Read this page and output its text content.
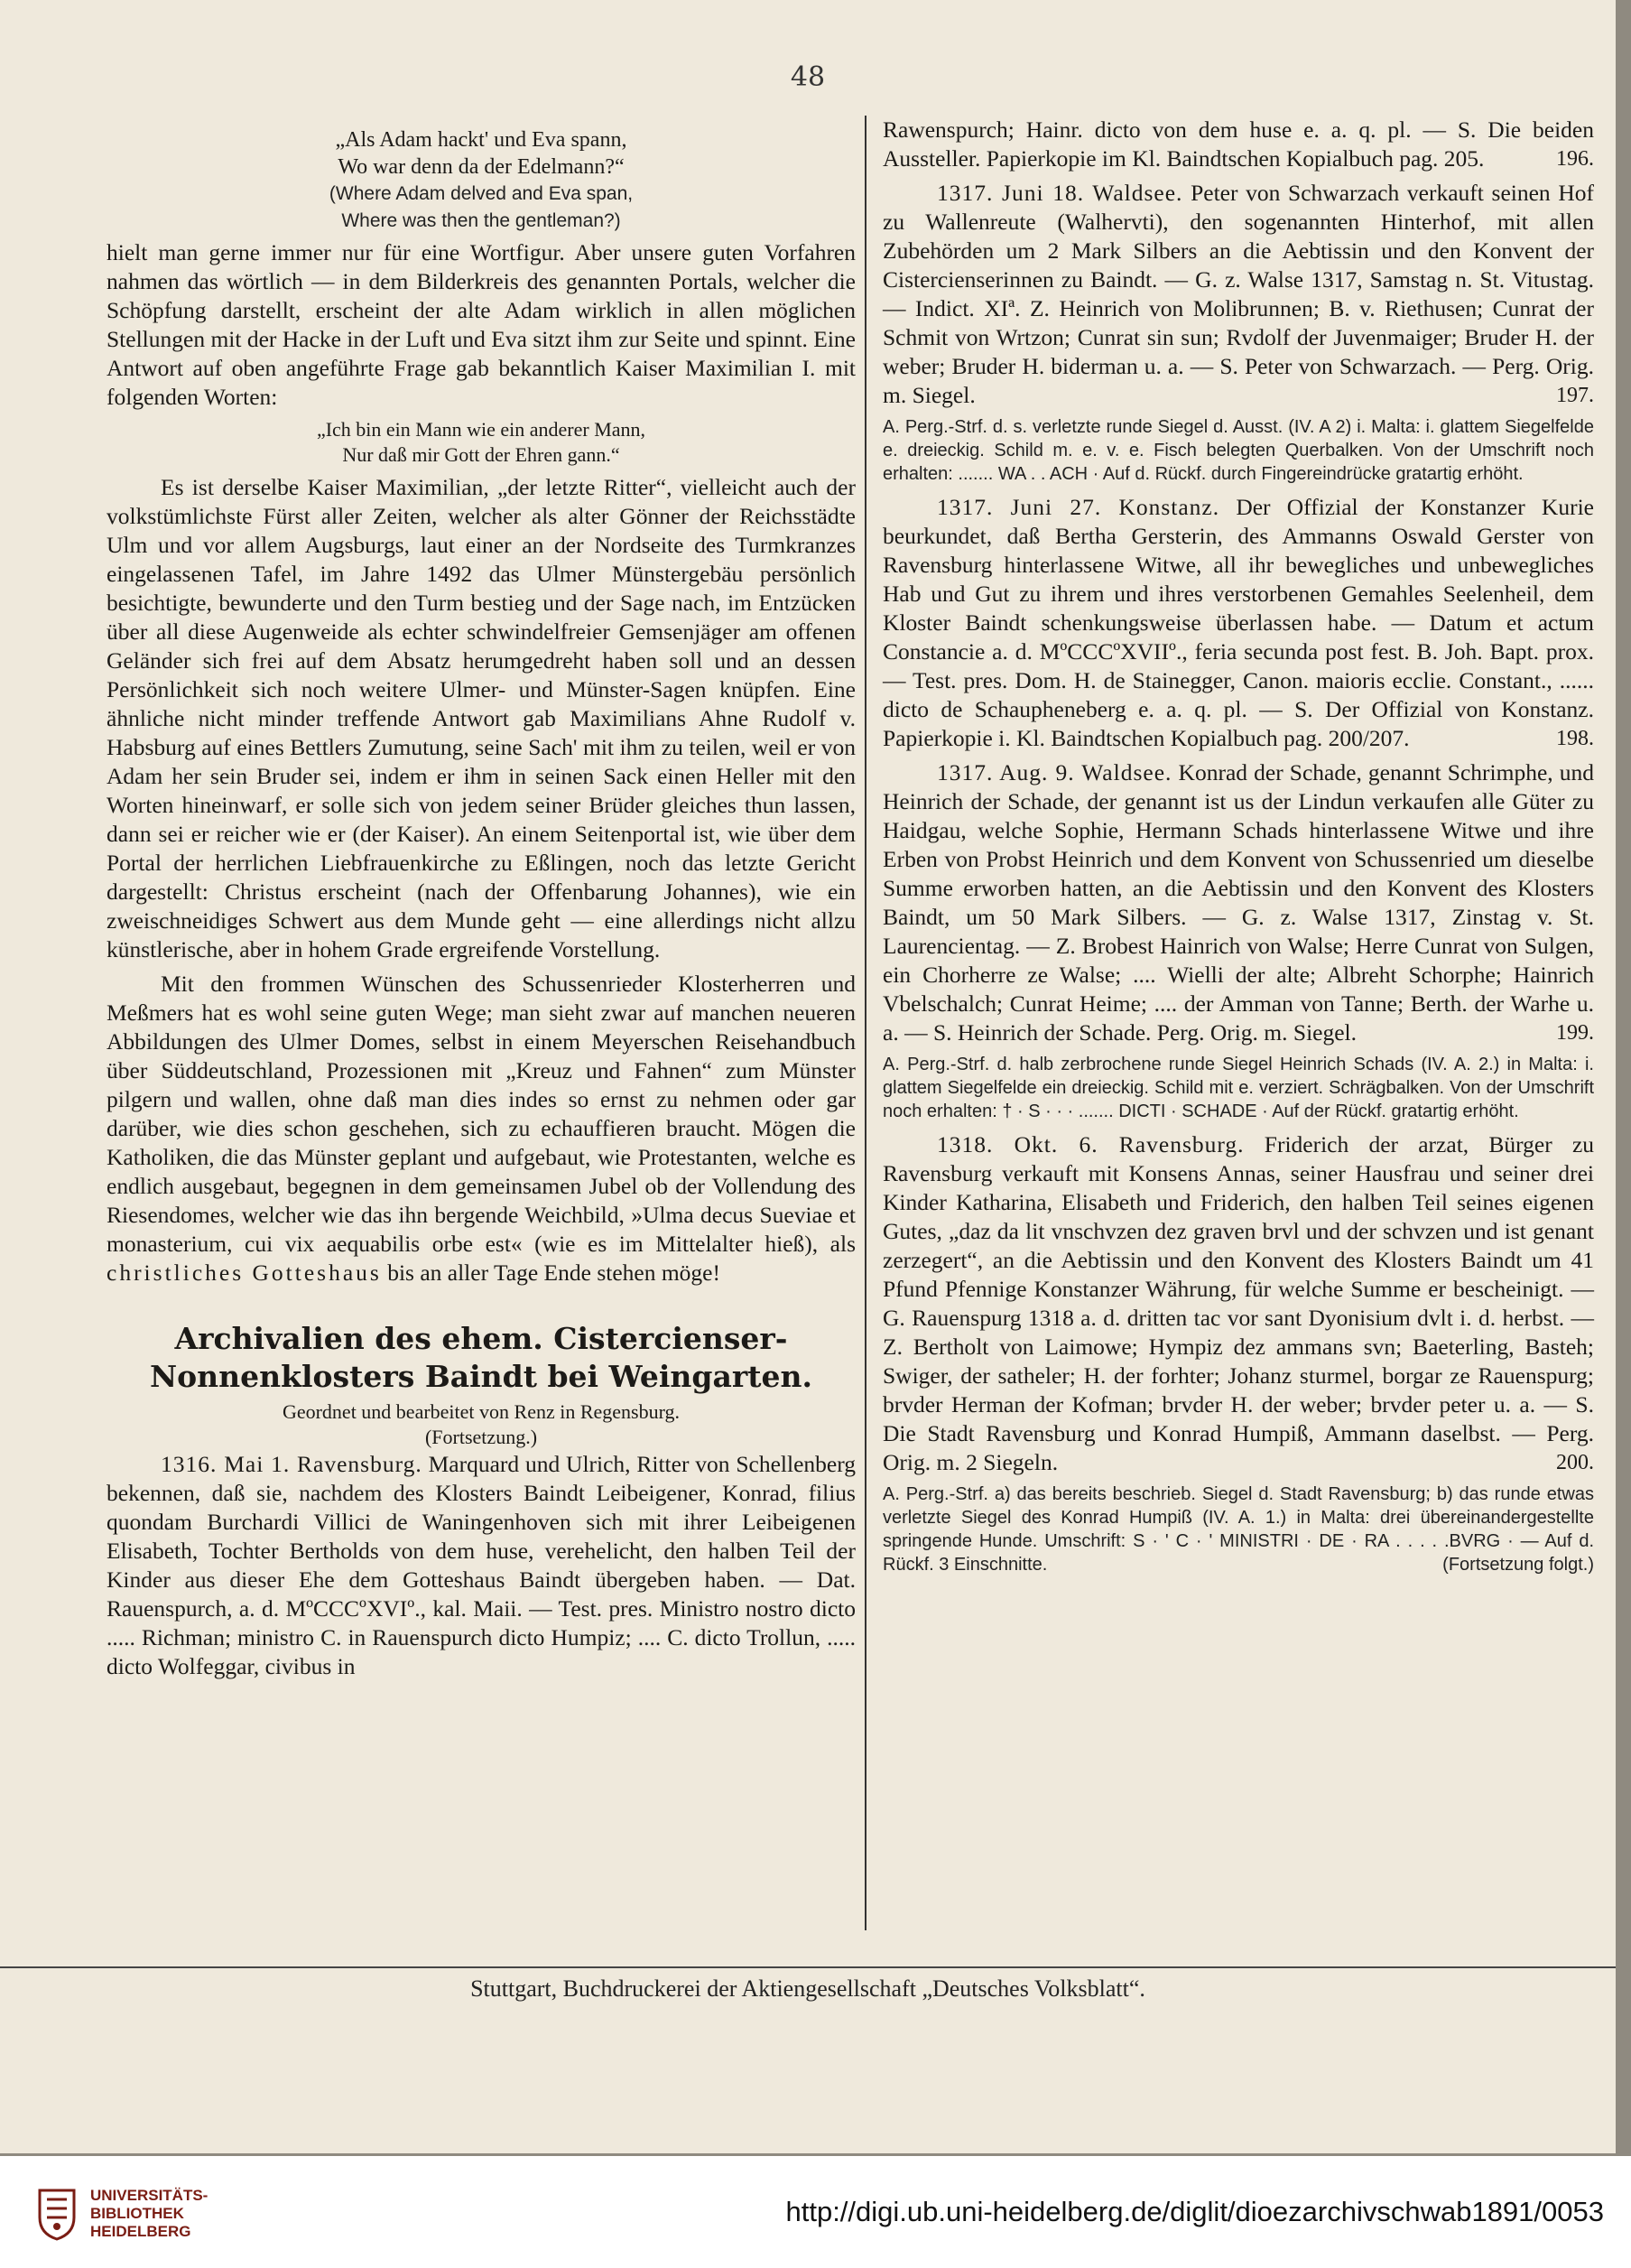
48
„Als Adam hackt' und Eva spann,
Wo war denn da der Edelmann?“
(Where Adam delved and Eva span,
Where was then the gentleman?)

hielt man gerne immer nur für eine Wortfigur. Aber unsere guten Vorfahren nahmen das wörtlich — in dem Bilderkreis des genannten Portals, welcher die Schöpfung darstellt, erscheint der alte Adam wirklich in allen möglichen Stellungen mit der Hacke in der Luft und Eva sitzt ihm zur Seite und spinnt. Eine Antwort auf oben angeführte Frage gab bekanntlich Kaiser Maximilian I. mit folgenden Worten:

„Ich bin ein Mann wie ein anderer Mann,
Nur daß mir Gott der Ehren gann.“

Es ist derselbe Kaiser Maximilian, „der letzte Ritter“, vielleicht auch der volkstümlichste Fürst aller Zeiten, welcher als alter Gönner der Reichsstädte Ulm und vor allem Augsburgs, laut einer an der Nordseite des Turmkranzes eingelassenen Tafel, im Jahre 1492 das Ulmer Münstergebäu persönlich besichtigte, bewunderte und den Turm bestieg und der Sage nach, im Entzücken über all diese Augenweide als echter schwindelfreier Gemsenjäger am offenen Geländer sich frei auf dem Absatz herumgedreht haben soll und an dessen Persönlichkeit sich noch weitere Ulmer- und Münster-Sagen knüpfen. Eine ähnliche nicht minder treffende Antwort gab Maximilians Ahne Rudolf v. Habsburg auf eines Bettlers Zumutung, seine Sach' mit ihm zu teilen, weil er von Adam her sein Bruder sei, indem er ihm in seinen Sack einen Heller mit den Worten hineinwarf, er solle sich von jedem seiner Brüder gleiches thun lassen, dann sei er reicher wie er (der Kaiser). An einem Seitenportal ist, wie über dem Portal der herrlichen Liebfrauenkirche zu Eßlingen, noch das letzte Gericht dargestellt: Christus erscheint (nach der Offenbarung Johannes), wie ein zweischneidiges Schwert aus dem Munde geht — eine allerdings nicht allzu künstlerische, aber in hohem Grade ergreifende Vorstellung.

Mit den frommen Wünschen des Schussenrieder Klosterherren und Meßmers hat es wohl seine guten Wege; man sieht zwar auf manchen neueren Abbildungen des Ulmer Domes, selbst in einem Meyerschen Reisehandbuch über Süddeutschland, Prozessionen mit „Kreuz und Fahnen“ zum Münster pilgern und wallen, ohne daß man dies indes so ernst zu nehmen oder gar darüber, wie dies schon geschehen, sich zu echauffieren braucht. Mögen die Katholiken, die das Münster geplant und aufgebaut, wie Protestanten, welche es endlich ausgebaut, begegnen in dem gemeinsamen Jubel ob der Vollendung des Riesendomes, welcher wie das ihn bergende Weichbild, »Ulma decus Sueviae et monasterium, cui vix aequabilis orbe est« (wie es im Mittelalter hieß), als christliches Gotteshaus bis an aller Tage Ende stehen möge!

Archivalien des ehem. Cistercienser-Nonnenklosters Baindt bei Weingarten.

Geordnet und bearbeitet von Renz in Regensburg.

(Fortsetzung.)

1316. Mai 1. Ravensburg. Marquard und Ulrich, Ritter von Schellenberg bekennen, daß sie, nachdem des Klosters Baindt Leibeigener, Konrad, filius quondam Burchardi Villici de Waningenhoven sich mit ihrer Leibeigenen Elisabeth, Tochter Bertholds von dem huse, verehelicht, den halben Teil der Kinder aus dieser Ehe dem Gotteshaus Baindt übergeben haben. — Dat. Rauenspurch, a. d. MºCCCºXVIº., kal. Maii. — Test. pres. Ministro nostro dicto ..... Richman; ministro C. in Rauenspurch dicto Humpiz; .... C. dicto Trollun, ..... dicto Wolfeggar, civibus in

Rawenspurch; Hainr. dicto von dem huse e. a. q. pl. — S. Die beiden Aussteller. Papierkopie im Kl. Baindtschen Kopialbuch pag. 205.	196.

1317. Juni 18. Waldsee. Peter von Schwarzach verkauft seinen Hof zu Wallenreute (Walhervti), den sogenannten Hinterhof, mit allen Zubehörden um 2 Mark Silbers an die Aebtissin und den Konvent der Cistercienserinnen zu Baindt. — G. z. Walse 1317, Samstag n. St. Vitustag. — Indict. XIª. Z. Heinrich von Molibrunnen; B. v. Riethusen; Cunrat der Schmit von Wrtzon; Cunrat sin sun; Rvdolf der Juvenmaiger; Bruder H. der weber; Bruder H. biderman u. a. — S. Peter von Schwarzach. — Perg. Orig. m. Siegel.	197.

A. Perg.-Strf. d. s. verletzte runde Siegel d. Ausst. (IV. A 2) i. Malta: i. glattem Siegelfelde e. dreieckig. Schild m. e. v. e. Fisch belegten Querbalken. Von der Umschrift noch erhalten: ....... WA . . ACH · Auf d. Rückf. durch Fingereindrücke gratartig erhöht.

1317. Juni 27. Konstanz. Der Offizial der Konstanzer Kurie beurkundet, daß Bertha Gersterin, des Ammanns Oswald Gerster von Ravensburg hinterlassene Witwe, all ihr bewegliches und unbewegliches Hab und Gut zu ihrem und ihres verstorbenen Gemahles Seelenheil, dem Kloster Baindt schenkungsweise überlassen habe. — Datum et actum Constancie a. d. MºCCCºXVIIº., feria secunda post fest. B. Joh. Bapt. prox. — Test. pres. Dom. H. de Stainegger, Canon. maioris ecclie. Constant., ...... dicto de Schaupheneberg e. a. q. pl. — S. Der Offizial von Konstanz. Papierkopie i. Kl. Baindtschen Kopialbuch pag. 200/207.	198.

1317. Aug. 9. Waldsee. Konrad der Schade, genannt Schrimphe, und Heinrich der Schade, der genannt ist us der Lindun verkaufen alle Güter zu Haidgau, welche Sophie, Hermann Schads hinterlassene Witwe und ihre Erben von Probst Heinrich und dem Konvent von Schussenried um dieselbe Summe erworben hatten, an die Aebtissin und den Konvent des Klosters Baindt, um 50 Mark Silbers. — G. z. Walse 1317, Zinstag v. St. Laurencientag. — Z. Brobest Hainrich von Walse; Herre Cunrat von Sulgen, ein Chorherre ze Walse; .... Wielli der alte; Albreht Schorphe; Hainrich Vbelschalch; Cunrat Heime; .... der Amman von Tanne; Berth. der Warhe u. a. — S. Heinrich der Schade. Perg. Orig. m. Siegel.	199.

A. Perg.-Strf. d. halb zerbrochene runde Siegel Heinrich Schads (IV. A. 2.) in Malta: i. glattem Siegelfelde ein dreieckig. Schild mit e. verziert. Schrägbalken. Von der Umschrift noch erhalten: † · S · · · ....... DICTI · SCHADE · Auf der Rückf. gratartig erhöht.

1318. Okt. 6. Ravensburg. Friderich der arzat, Bürger zu Ravensburg verkauft mit Konsens Annas, seiner Hausfrau und seiner drei Kinder Katharina, Elisabeth und Friderich, den halben Teil seines eigenen Gutes, „daz da lit vnschvzen dez graven brvl und der schvzen und ist genant zerzegert“, an die Aebtissin und den Konvent des Klosters Baindt um 41 Pfund Pfennige Konstanzer Währung, für welche Summe er bescheinigt. — G. Rauenspurg 1318 a. d. dritten tac vor sant Dyonisium dvlt i. d. herbst. — Z. Bertholt von Laimowe; Hympiz dez ammans svn; Baeterling, Basteh; Swiger, der satheler; H. der forhter; Johanz sturmel, borgar ze Rauenspurg; brvder Herman der Kofman; brvder H. der weber; brvder peter u. a. — S. Die Stadt Ravensburg und Konrad Humpiß, Ammann daselbst. — Perg. Orig. m. 2 Siegeln.	200.

A. Perg.-Strf. a) das bereits beschrieb. Siegel d. Stadt Ravensburg; b) das runde etwas verletzte Siegel des Konrad Humpiß (IV. A. 1.) in Malta: drei übereinandergestellte springende Hunde. Umschrift: S · ' C · ' MINISTRI · DE · RA . . . . .BVRG · — Auf d. Rückf. 3 Einschnitte.	(Fortsetzung folgt.)

Stuttgart, Buchdruckerei der Aktiengesellschaft „Deutsches Volksblatt“.
UNIVERSITÄTS-
BIBLIOTHEK
HEIDELBERG
http://digi.ub.uni-heidelberg.de/diglit/dioezarchivschwab1891/0053
